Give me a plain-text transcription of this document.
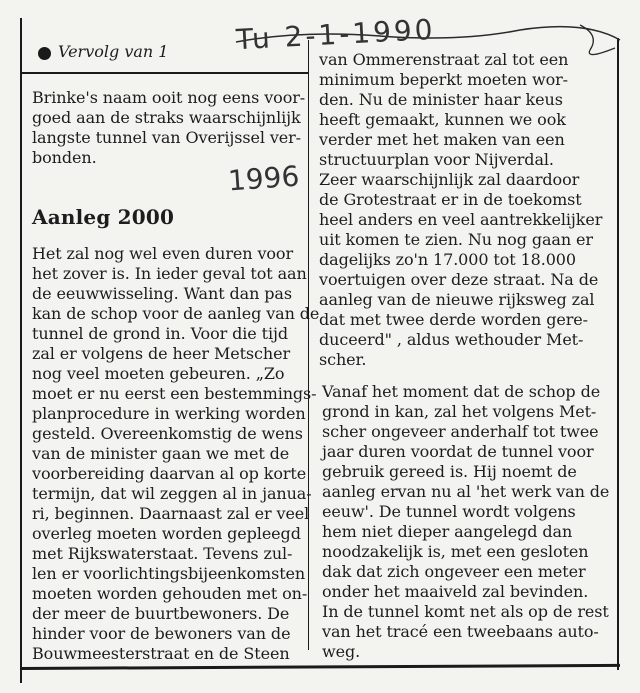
Vervolg van 1 Tu 2-1-1990
1996

Brinke's naam ooit nog eens voor-

goed aan de straks waarschijnlijk

langste tunnel van Overijssel ver-

bonden.

Aanleg 2000

Het zal nog wel even duren voor

het zover is. In ieder geval tot aan

de eeuwwisseling. Want dan pas

kan de schop voor de aanleg van de

tunnel de grond in. Voor die tijd

zal er volgens de heer Metscher

nog veel moeten gebeuren. „Zo

moet er nu eerst een bestemmings-

planprocedure in werking worden

gesteld. Overeenkomstig de wens

van de minister gaan we met de

voorbereiding daarvan al op korte

termijn, dat wil zeggen al in janua-

ri, beginnen. Daarnaast zal er veel

overleg moeten worden gepleegd

met Rijkswaterstaat. Tevens zul-

len er voorlichtingsbijeenkomsten

moeten worden gehouden met on-

der meer de buurtbewoners. De

hinder voor de bewoners van de

Bouwmeesterstraat en de Steen

van Ommerenstraat zal tot een

minimum beperkt moeten wor-

den. Nu de minister haar keus

heeft gemaakt, kunnen we ook

verder met het maken van een

structuurplan voor Nijverdal.

Zeer waarschijnlijk zal daardoor

de Grotestraat er in de toekomst

heel anders en veel aantrekkelijker

uit komen te zien. Nu nog gaan er

dagelijks zo'n 17.000 tot 18.000

voertuigen over deze straat. Na de

aanleg van de nieuwe rijksweg zal

dat met twee derde worden gere-

duceerd" , aldus wethouder Met-

scher.

Vanaf het moment dat de schop de

grond in kan, zal het volgens Met-

scher ongeveer anderhalf tot twee

jaar duren voordat de tunnel voor

gebruik gereed is. Hij noemt de

aanleg ervan nu al 'het werk van de

eeuw'. De tunnel wordt volgens

hem niet dieper aangelegd dan

noodzakelijk is, met een gesloten

dak dat zich ongeveer een meter

onder het maaiveld zal bevinden.

In de tunnel komt net als op de rest

van het tracé een tweebaans auto-

weg.
